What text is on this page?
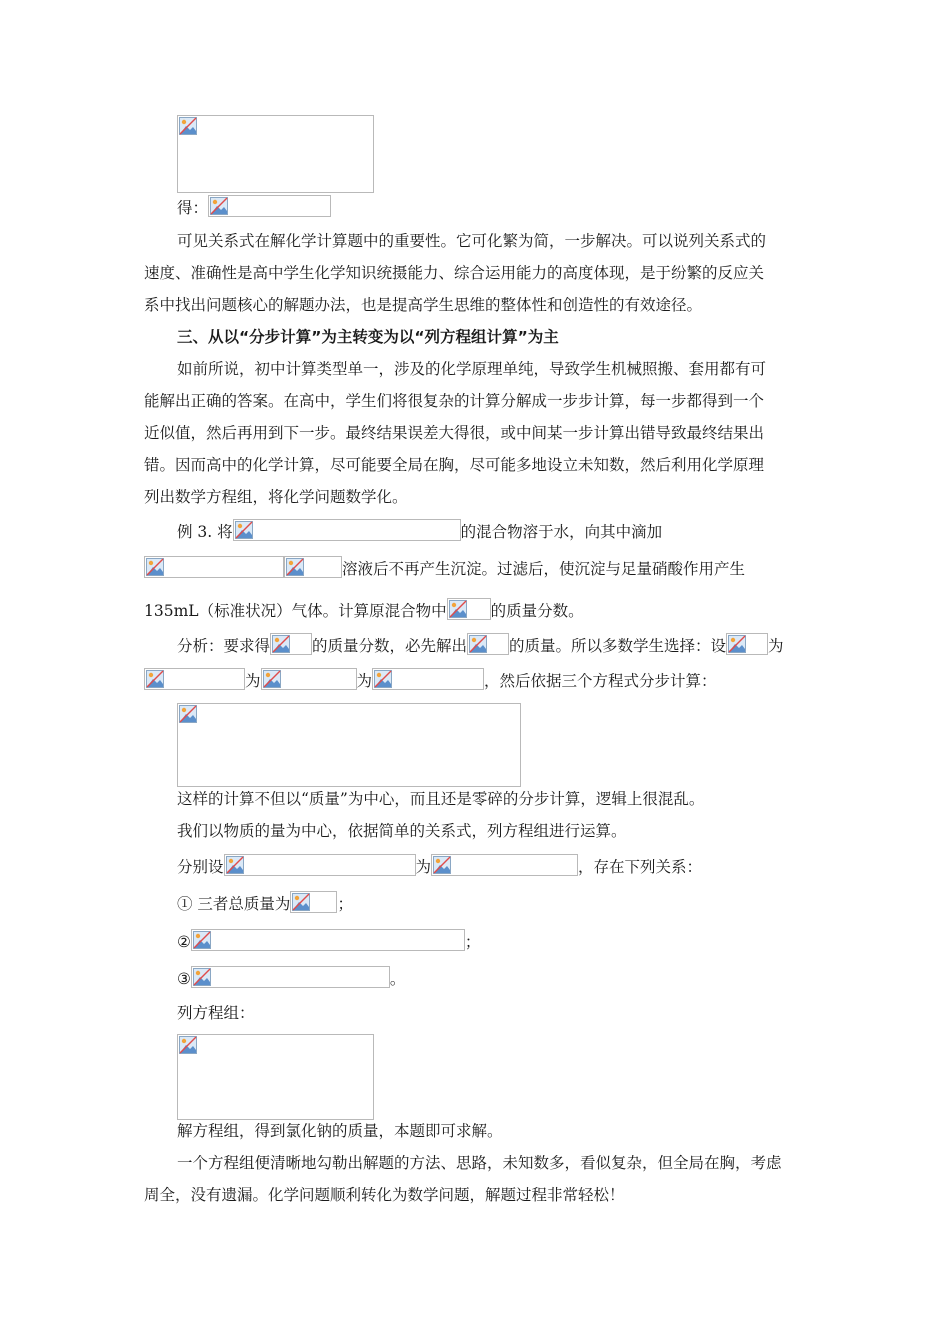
得：
可见关系式在解化学计算题中的重要性。它可化繁为简，一步解决。可以说列关系式的
速度、准确性是高中学生化学知识统摄能力、综合运用能力的高度体现，是于纷繁的反应关
系中找出问题核心的解题办法，也是提高学生思维的整体性和创造性的有效途径。
三、从以“分步计算”为主转变为以“列方程组计算”为主
如前所说，初中计算类型单一，涉及的化学原理单纯，导致学生机械照搬、套用都有可
能解出正确的答案。在高中，学生们将很复杂的计算分解成一步步计算，每一步都得到一个
近似值，然后再用到下一步。最终结果误差大得很，或中间某一步计算出错导致最终结果出
错。因而高中的化学计算，尽可能要全局在胸，尽可能多地设立未知数，然后利用化学原理
列出数学方程组，将化学问题数学化。
例 3. 将	的混合物溶于水，向其中滴加
溶液后不再产生沉淀。过滤后，使沉淀与足量硝酸作用产生
135mL（标准状况）气体。计算原混合物中	的质量分数。
分析：要求得	的质量分数，必先解出	的质量。所以多数学生选择：设	为
为	为	，然后依据三个方程式分步计算：
这样的计算不但以“质量”为中心，而且还是零碎的分步计算，逻辑上很混乱。
我们以物质的量为中心，依据简单的关系式，列方程组进行运算。
分别设	为	，存在下列关系：
① 三者总质量为	；
②	；
③	。
列方程组：
解方程组，得到氯化钠的质量，本题即可求解。
一个方程组便清晰地勾勒出解题的方法、思路，未知数多，看似复杂，但全局在胸，考虑
周全，没有遗漏。化学问题顺利转化为数学问题，解题过程非常轻松！
